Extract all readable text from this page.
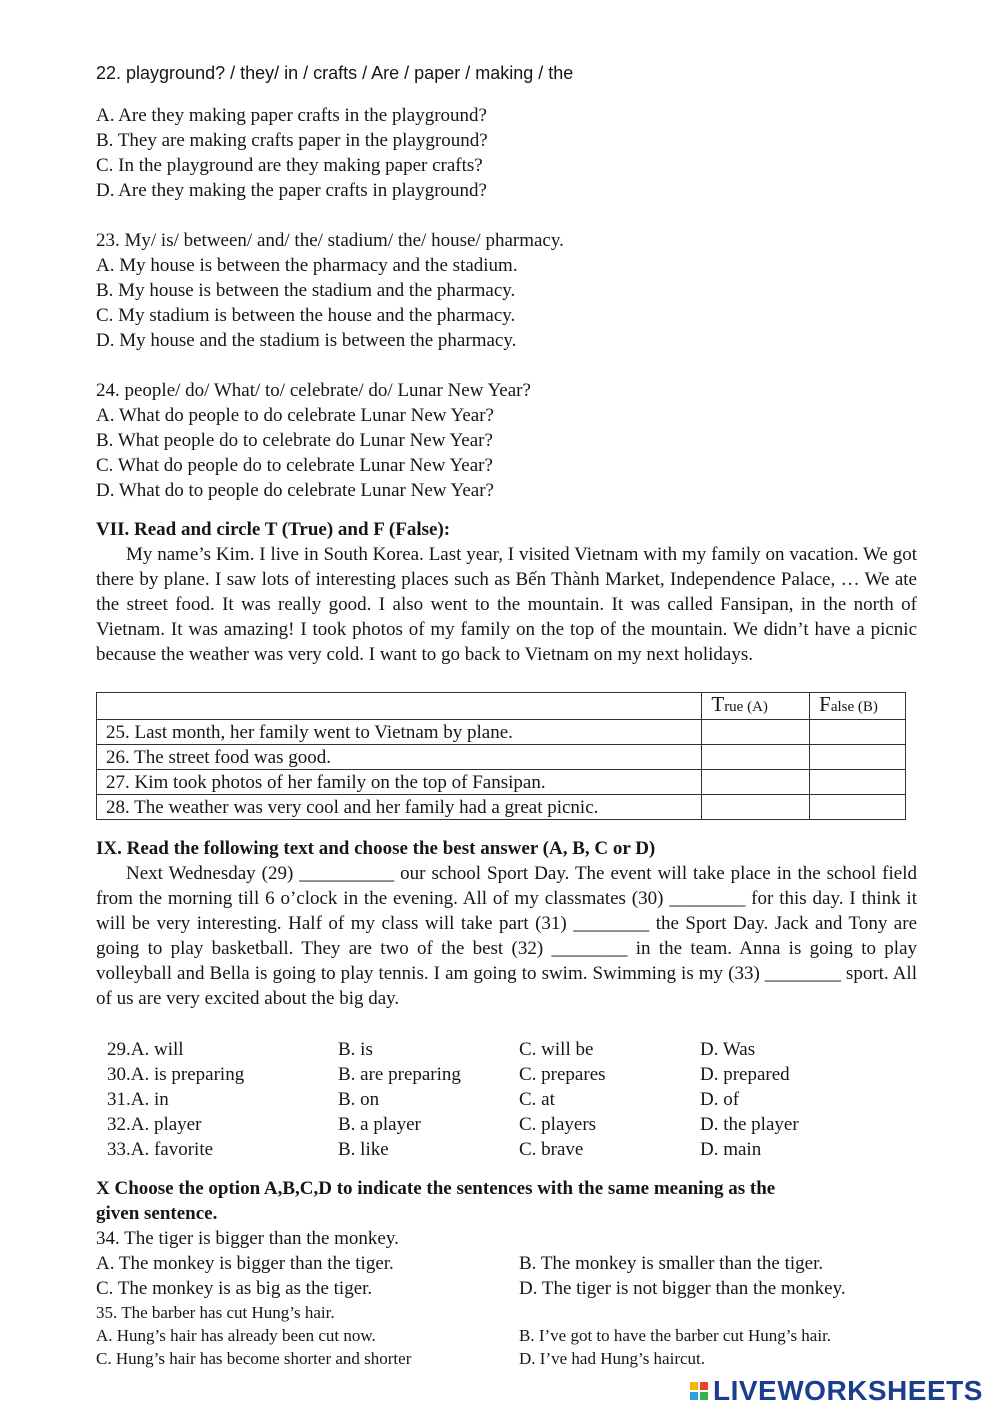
22. playground? / they/ in / crafts / Are / paper / making / the
A. Are they making paper crafts in the playground?
B. They are making crafts paper in the playground?
C. In the playground are they making paper crafts?
D. Are they making the paper crafts in playground?
23. My/ is/ between/ and/ the/ stadium/ the/ house/ pharmacy.
A. My house is between the pharmacy and the stadium.
B. My house is between the stadium and the pharmacy.
C. My stadium is between the house and the pharmacy.
D. My house and the stadium is between the pharmacy.
24. people/ do/ What/ to/ celebrate/ do/ Lunar New Year?
A. What do people to do celebrate Lunar New Year?
B. What people do to celebrate do Lunar New Year?
C. What do people do to celebrate Lunar New Year?
D. What do to people do celebrate Lunar New Year?
VII. Read and circle T (True) and F (False):

My name’s Kim. I live in South Korea. Last year, I visited Vietnam with my family on vacation. We got there by plane. I saw lots of interesting places such as Bến Thành Market, Independence Palace, … We ate the street food. It was really good. I also went to the mountain. It was called Fansipan, in the north of Vietnam. It was amazing! I took photos of my family on the top of the mountain. We didn’t have a picnic because the weather was very cold. I want to go back to Vietnam on my next holidays.

	True (A)	False (B)
25. Last month, her family went to Vietnam by plane.		
26. The street food was good.		
27. Kim took photos of her family on the top of Fansipan.		
28. The weather was very cool and her family had a great picnic.		
IX. Read the following text and choose the best answer (A, B, C or D)

Next Wednesday (29) __________ our school Sport Day. The event will take place in the school field from the morning till 6 o’clock in the evening. All of my classmates (30) ________ for this day. I think it will be very interesting. Half of my class will take part (31) ________ the Sport Day. Jack and Tony are going to play basketball. They are two of the best (32) ________ in the team. Anna is going to play volleyball and Bella is going to play tennis. I am going to swim. Swimming is my (33) ________ sport. All of us are very excited about the big day.

29.A. will	B. is	C. will be	D. Was
30.A. is preparing	B. are preparing	C. prepares	D. prepared
31.A. in	B. on	C. at	D. of
32.A. player	B. a player	C. players	D. the player
33.A. favorite	B. like	C. brave	D. main
X Choose the option A,B,C,D to indicate the sentences with the same meaning as the
given sentence.
34. The tiger is bigger than the monkey.
A. The monkey is bigger than the tiger.	B. The monkey is smaller than the tiger.
C. The monkey is as big as the tiger.	D. The tiger is not bigger than the monkey.
35. The barber has cut Hung’s hair.
A. Hung’s hair has already been cut now.	B. I’ve got to have the barber cut Hung’s hair.
C. Hung’s hair has become shorter and shorter	D. I’ve had Hung’s haircut.
LIVEWORKSHEETS
